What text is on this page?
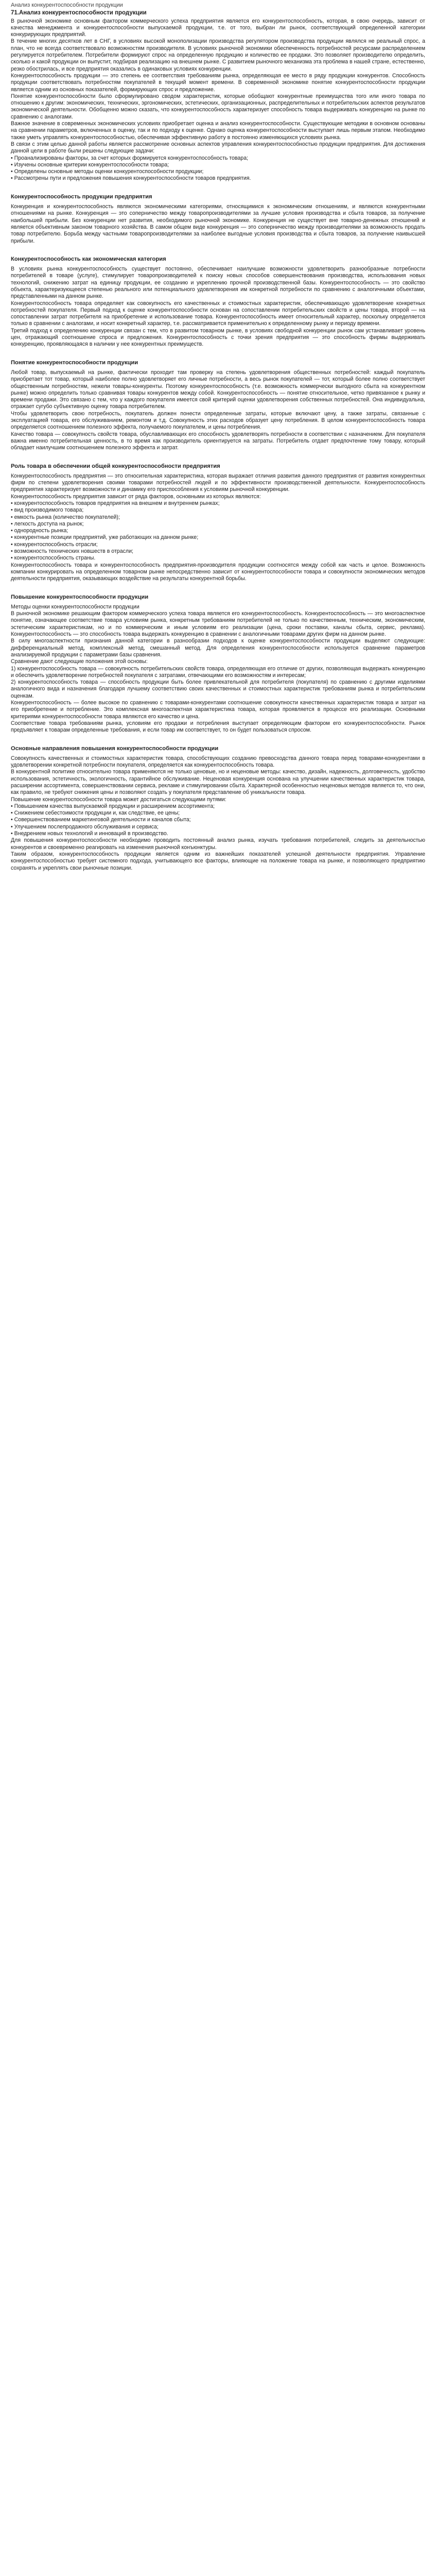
Анализ конкурентоспособности продукции
71.Анализ конкурентоспособности продукции

В рыночной экономике основным фактором коммерческого успеха предприятия является его конкурентоспособность, которая, в свою очередь, зависит от качества менеджмента и конкурентоспособности выпускаемой продукции, т.е. от того, выбран ли рынок, соответствующий определенной категории конкурирующих предприятий.

В течение многих десятков лет в СНГ, в условиях высокой монополизации производства регулятором производства продукции являлся не реальный спрос, а план, что не всегда соответствовало возможностям производителя. В условиях рыночной экономики обеспеченность потребностей ресурсами распределением регулируется потребителем. Потребители формируют спрос на определенную продукцию и количество ее продажи. Это позволяет производителю определить, сколько и какой продукции он выпустит, подбирая реализацию на внешнем рынке. С развитием рыночного механизма эта проблема в нашей стране, естественно, резко обострилась, и все предприятия оказались в одинаковых условиях конкуренции.

Конкурентоспособность продукции — это степень ее соответствия требованиям рынка, определяющая ее место в ряду продукции конкурентов. Способность продукции соответствовать потребностям покупателей в текущий момент времени. В современной экономике понятие конкурентоспособности продукции является одним из основных показателей, формирующих спрос и предложение.

Понятие конкурентоспособности было сформулировано сводом характеристик, которые обобщают конкурентные преимущества того или иного товара по отношению к другим: экономических, технических, эргономических, эстетических, организационных, распределительных и потребительских аспектов результатов экономической деятельности. Обобщенно можно сказать, что конкурентоспособность характеризует способность товара выдерживать конкуренцию на рынке по сравнению с аналогами.

Важное значение в современных экономических условиях приобретает оценка и анализ конкурентоспособности. Существующие методики в основном основаны на сравнении параметров, включенных в оценку, так и по подходу к оценке. Однако оценка конкурентоспособности выступает лишь первым этапом. Необходимо также уметь управлять конкурентоспособностью, обеспечивая эффективную работу в постоянно изменяющихся условиях рынка.

В связи с этим целью данной работы является рассмотрение основных аспектов управления конкурентоспособностью продукции предприятия. Для достижения данной цели в работе были решены следующие задачи:

• Проанализированы факторы, за счет которых формируется конкурентоспособность товара;

• Изучены основные критерии конкурентоспособности товара;

• Определены основные методы оценки конкурентоспособности продукции;

• Рассмотрены пути и предложения повышения конкурентоспособности товаров предприятия.

Конкурентоспособность продукции предприятия

Конкуренция и конкурентоспособность являются экономическими категориями, относящимися к экономическим отношениям, и являются конкурентными отношениями на рынке. Конкуренция — это соперничество между товаропроизводителями за лучшие условия производства и сбыта товаров, за получение наибольшей прибыли. Без конкуренции нет развития, необходимого рыночной экономике. Конкуренция не существует вне товарно-денежных отношений и является объективным законом товарного хозяйства. В самом общем виде конкуренция — это соперничество между производителями за возможность продать товар потребителю. Борьба между частными товаропроизводителями за наиболее выгодные условия производства и сбыта товаров, за получение наивысшей прибыли.

Конкурентоспособность как экономическая категория

В условиях рынка конкурентоспособность существует постоянно, обеспечивает наилучшие возможности удовлетворить разнообразные потребности потребителей в товаре (услуге), стимулирует товаропроизводителей к поиску новых способов совершенствования производства, использования новых технологий, снижению затрат на единицу продукции, ее созданию и укреплению прочной производственной базы. Конкурентоспособность — это свойство объекта, характеризующееся степенью реального или потенциального удовлетворения им конкретной потребности по сравнению с аналогичными объектами, представленными на данном рынке.

Конкурентоспособность товара определяет как совокупность его качественных и стоимостных характеристик, обеспечивающую удовлетворение конкретных потребностей покупателя. Первый подход к оценке конкурентоспособности основан на сопоставлении потребительских свойств и цены товара, второй — на сопоставлении затрат потребителя на приобретение и использование товара. Конкурентоспособность имеет относительный характер, поскольку определяется только в сравнении с аналогами, и носит конкретный характер, т.е. рассматривается применительно к определенному рынку и периоду времени.

Третий подход к определению конкуренции связан с тем, что в развитом товарном рынке, в условиях свободной конкуренции рынок сам устанавливает уровень цен, отражающий соотношение спроса и предложения. Конкурентоспособность с точки зрения предприятия — это способность фирмы выдерживать конкуренцию, проявляющаяся в наличии у нее конкурентных преимуществ.

Понятие конкурентоспособности продукции

Любой товар, выпускаемый на рынке, фактически проходит там проверку на степень удовлетворения общественных потребностей: каждый покупатель приобретает тот товар, который наиболее полно удовлетворяет его личные потребности, а весь рынок покупателей — тот, который более полно соответствует общественным потребностям, нежели товары-конкуренты. Поэтому конкурентоспособность (т.е. возможность коммерчески выгодного сбыта на конкурентном рынке) можно определить только сравнивая товары конкурентов между собой. Конкурентоспособность — понятие относительное, четко привязанное к рынку и времени продажи. Это связано с тем, что у каждого покупателя имеется свой критерий оценки удовлетворения собственных потребностей. Она индивидуальна, отражает сугубо субъективную оценку товара потребителем.

Чтобы удовлетворить свою потребность, покупатель должен понести определенные затраты, которые включают цену, а также затраты, связанные с эксплуатацией товара, его обслуживанием, ремонтом и т.д. Совокупность этих расходов образует цену потребления. В целом конкурентоспособность товара определяется соотношением полезного эффекта, получаемого покупателем, и цены потребления.

Качество товара — совокупность свойств товара, обуславливающих его способность удовлетворять потребности в соответствии с назначением. Для покупателя важна именно потребительная ценность, в то время как производитель ориентируется на затраты. Потребитель отдает предпочтение тому товару, который обладает наилучшим соотношением полезного эффекта и затрат.

Роль товара в обеспечении общей конкурентоспособности предприятия

Конкурентоспособность предприятия — это относительная характеристика, которая выражает отличия развития данного предприятия от развития конкурентных фирм по степени удовлетворения своими товарами потребностей людей и по эффективности производственной деятельности. Конкурентоспособность предприятия характеризует возможности и динамику его приспособления к условиям рыночной конкуренции.

Конкурентоспособность предприятия зависит от ряда факторов, основными из которых являются:

• конкурентоспособность товаров предприятия на внешнем и внутреннем рынках;

• вид производимого товара;

• емкость рынка (количество покупателей);

• легкость доступа на рынок;

• однородность рынка;

• конкурентные позиции предприятий, уже работающих на данном рынке;

• конкурентоспособность отрасли;

• возможность технических новшеств в отрасли;

• конкурентоспособность страны.

Конкурентоспособность товара и конкурентоспособность предприятия-производителя продукции соотносятся между собой как часть и целое. Возможность компании конкурировать на определенном товарном рынке непосредственно зависит от конкурентоспособности товара и совокупности экономических методов деятельности предприятия, оказывающих воздействие на результаты конкурентной борьбы.

Повышение конкурентоспособности продукции

Методы оценки конкурентоспособности продукции

В рыночной экономике решающим фактором коммерческого успеха товара является его конкурентоспособность. Конкурентоспособность — это многоаспектное понятие, означающее соответствие товара условиям рынка, конкретным требованиям потребителей не только по качественным, техническим, экономическим, эстетическим характеристикам, но и по коммерческим и иным условиям его реализации (цена, сроки поставки, каналы сбыта, сервис, реклама). Конкурентоспособность — это способность товара выдержать конкуренцию в сравнении с аналогичными товарами других фирм на данном рынке.

В силу многоаспектности признания данной категории в разнообразии подходов к оценке конкурентоспособности продукции выделяют следующие: дифференциальный метод, комплексный метод, смешанный метод. Для определения конкурентоспособности используется сравнение параметров анализируемой продукции с параметрами базы сравнения.

Сравнение дают следующие положения этой основы:

1) конкурентоспособность товара — совокупность потребительских свойств товара, определяющая его отличие от других, позволяющая выдержать конкуренцию и обеспечить удовлетворение потребностей покупателя с затратами, отвечающими его возможностям и интересам;

2) конкурентоспособность товара — способность продукции быть более привлекательной для потребителя (покупателя) по сравнению с другими изделиями аналогичного вида и назначения благодаря лучшему соответствию своих качественных и стоимостных характеристик требованиям рынка и потребительским оценкам.

Конкурентоспособность — более высокое по сравнению с товарами-конкурентами соотношение совокупности качественных характеристик товара и затрат на его приобретение и потребление. Это комплексная многоаспектная характеристика товара, которая проявляется в процессе его реализации. Основными критериями конкурентоспособности товара являются его качество и цена.

Соответствие товара требованиям рынка, условиям его продажи и потребления выступает определяющим фактором его конкурентоспособности. Рынок предъявляет к товарам определенные требования, и если товар им соответствует, то он будет пользоваться спросом.

Основные направления повышения конкурентоспособности продукции

Совокупность качественных и стоимостных характеристик товара, способствующих созданию превосходства данного товара перед товарами-конкурентами в удовлетворении конкретной потребности покупателя, определяется как конкурентоспособность товара.

В конкурентной политике относительно товара применяются не только ценовые, но и неценовые методы: качество, дизайн, надежность, долговечность, удобство использования, эстетичность, экологичность, гарантийное обслуживание. Неценовая конкуренция основана на улучшении качественных характеристик товара, расширении ассортимента, совершенствовании сервиса, рекламе и стимулировании сбыта. Характерной особенностью неценовых методов является то, что они, как правило, не требуют снижения цены и позволяют создать у покупателя представление об уникальности товара.

Повышение конкурентоспособности товара может достигаться следующими путями:

• Повышением качества выпускаемой продукции и расширением ассортимента;

• Снижением себестоимости продукции и, как следствие, ее цены;

• Совершенствованием маркетинговой деятельности и каналов сбыта;

• Улучшением послепродажного обслуживания и сервиса;

• Внедрением новых технологий и инноваций в производство.

Для повышения конкурентоспособности необходимо проводить постоянный анализ рынка, изучать требования потребителей, следить за деятельностью конкурентов и своевременно реагировать на изменения рыночной конъюнктуры.

Таким образом, конкурентоспособность продукции является одним из важнейших показателей успешной деятельности предприятия. Управление конкурентоспособностью требует системного подхода, учитывающего все факторы, влияющие на положение товара на рынке, и позволяющего предприятию сохранять и укреплять свои рыночные позиции.
